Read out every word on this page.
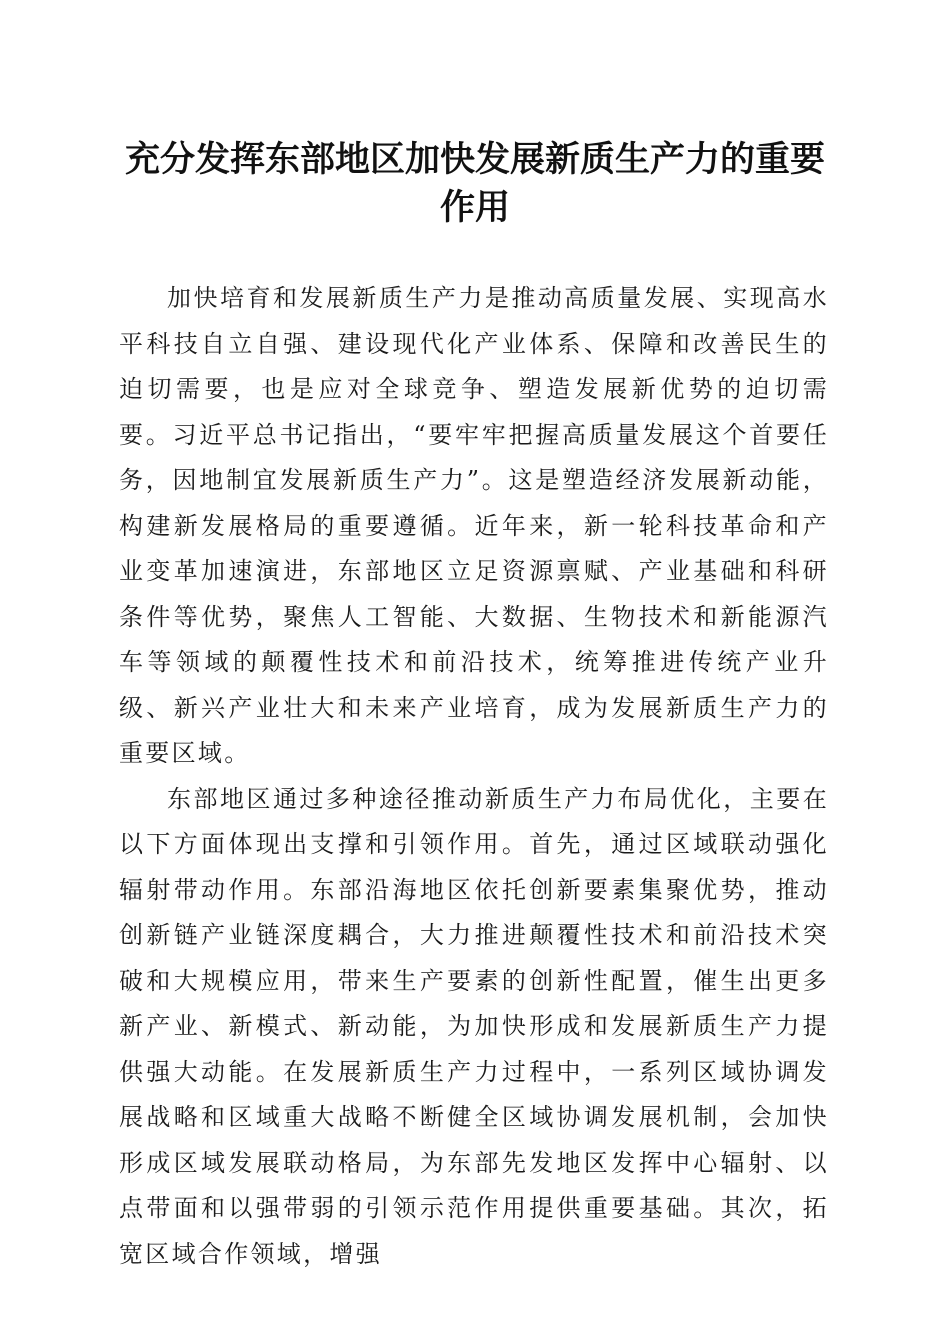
充分发挥东部地区加快发展新质生产力的重要作用

加快培育和发展新质生产力是推动高质量发展、实现高水平科技自立自强、建设现代化产业体系、保障和改善民生的迫切需要，也是应对全球竞争、塑造发展新优势的迫切需要。习近平总书记指出，“要牢牢把握高质量发展这个首要任务，因地制宜发展新质生产力”。这是塑造经济发展新动能，构建新发展格局的重要遵循。近年来，新一轮科技革命和产业变革加速演进，东部地区立足资源禀赋、产业基础和科研条件等优势，聚焦人工智能、大数据、生物技术和新能源汽车等领域的颠覆性技术和前沿技术，统筹推进传统产业升级、新兴产业壮大和未来产业培育，成为发展新质生产力的重要区域。

东部地区通过多种途径推动新质生产力布局优化，主要在以下方面体现出支撑和引领作用。首先，通过区域联动强化辐射带动作用。东部沿海地区依托创新要素集聚优势，推动创新链产业链深度耦合，大力推进颠覆性技术和前沿技术突破和大规模应用，带来生产要素的创新性配置，催生出更多新产业、新模式、新动能，为加快形成和发展新质生产力提供强大动能。在发展新质生产力过程中，一系列区域协调发展战略和区域重大战略不断健全区域协调发展机制，会加快形成区域发展联动格局，为东部先发地区发挥中心辐射、以点带面和以强带弱的引领示范作用提供重要基础。其次，拓宽区域合作领域，增强
